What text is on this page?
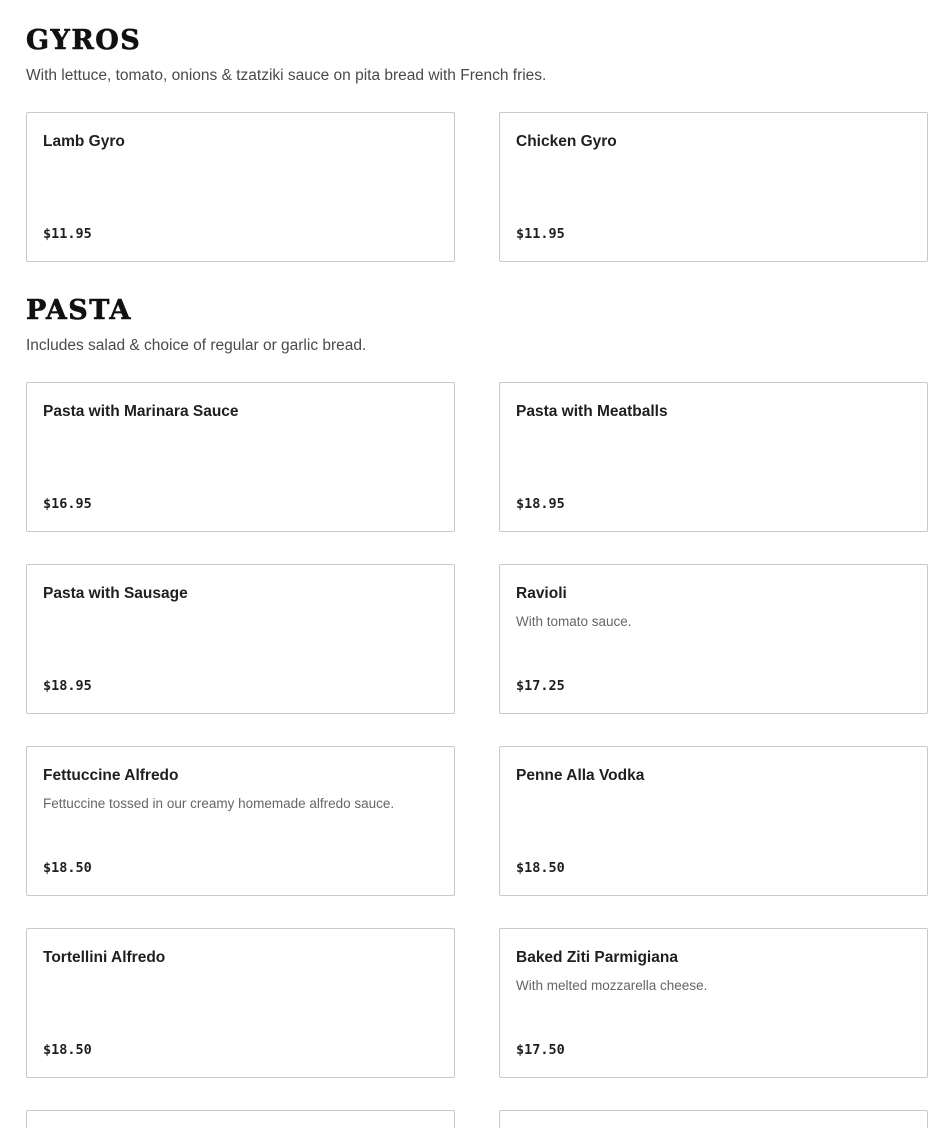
GYROS

With lettuce, tomato, onions & tzatziki sauce on pita bread with French fries.

Lamb Gyro
$11.95
Chicken Gyro
$11.95
PASTA

Includes salad & choice of regular or garlic bread.

Pasta with Marinara Sauce
$16.95
Pasta with Meatballs
$18.95
Pasta with Sausage
$18.95
Ravioli
With tomato sauce.
$17.25
Fettuccine Alfredo
Fettuccine tossed in our creamy homemade alfredo sauce.
$18.50
Penne Alla Vodka
$18.50
Tortellini Alfredo
$18.50
Baked Ziti Parmigiana
With melted mozzarella cheese.
$17.50
